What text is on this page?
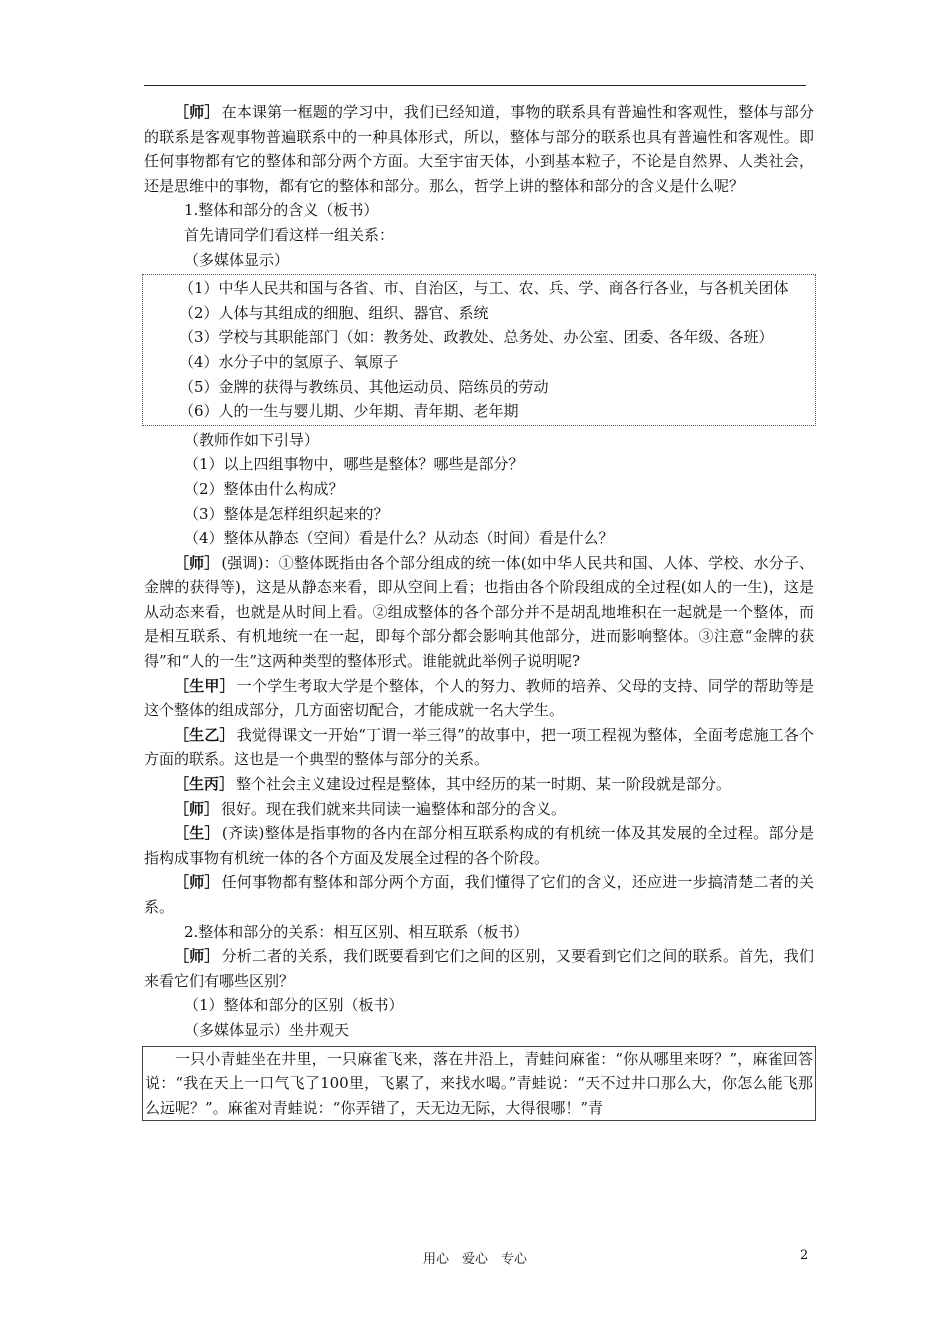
［师］ 在本课第一框题的学习中，我们已经知道，事物的联系具有普遍性和客观性，整体与部分的联系是客观事物普遍联系中的一种具体形式，所以，整体与部分的联系也具有普遍性和客观性。即任何事物都有它的整体和部分两个方面。大至宇宙天体，小到基本粒子，不论是自然界、人类社会，还是思维中的事物，都有它的整体和部分。那么，哲学上讲的整体和部分的含义是什么呢？

1.整体和部分的含义（板书）

首先请同学们看这样一组关系：

（多媒体显示）

（1）中华人民共和国与各省、市、自治区，与工、农、兵、学、商各行各业，与各机关团体

（2）人体与其组成的细胞、组织、器官、系统

（3）学校与其职能部门（如：教务处、政教处、总务处、办公室、团委、各年级、各班）

（4）水分子中的氢原子、氧原子

（5）金牌的获得与教练员、其他运动员、陪练员的劳动

（6）人的一生与婴儿期、少年期、青年期、老年期

（教师作如下引导）

（1）以上四组事物中，哪些是整体？哪些是部分？

（2）整体由什么构成？

（3）整体是怎样组织起来的？

（4）整体从静态（空间）看是什么？从动态（时间）看是什么？

［师］ (强调)：①整体既指由各个部分组成的统一体(如中华人民共和国、人体、学校、水分子、金牌的获得等)，这是从静态来看，即从空间上看；也指由各个阶段组成的全过程(如人的一生)，这是从动态来看，也就是从时间上看。②组成整体的各个部分并不是胡乱地堆积在一起就是一个整体，而是相互联系、有机地统一在一起，即每个部分都会影响其他部分，进而影响整体。③注意“金牌的获得”和“人的一生”这两种类型的整体形式。谁能就此举例子说明呢?

［生甲］ 一个学生考取大学是个整体，个人的努力、教师的培养、父母的支持、同学的帮助等是这个整体的组成部分，几方面密切配合，才能成就一名大学生。

［生乙］ 我觉得课文一开始“丁谓一举三得”的故事中，把一项工程视为整体，全面考虑施工各个方面的联系。这也是一个典型的整体与部分的关系。

［生丙］ 整个社会主义建设过程是整体，其中经历的某一时期、某一阶段就是部分。

［师］ 很好。现在我们就来共同读一遍整体和部分的含义。

［生］ (齐读)整体是指事物的各内在部分相互联系构成的有机统一体及其发展的全过程。部分是指构成事物有机统一体的各个方面及发展全过程的各个阶段。

［师］ 任何事物都有整体和部分两个方面，我们懂得了它们的含义，还应进一步搞清楚二者的关系。

2.整体和部分的关系：相互区别、相互联系（板书）

［师］ 分析二者的关系，我们既要看到它们之间的区别，又要看到它们之间的联系。首先，我们来看它们有哪些区别？

（1）整体和部分的区别（板书）

（多媒体显示）坐井观天

一只小青蛙坐在井里，一只麻雀飞来，落在井沿上，青蛙问麻雀：“你从哪里来呀？”，麻雀回答说：“我在天上一口气飞了100里，飞累了，来找水喝。”青蛙说：“天不过井口那么大，你怎么能飞那么远呢？”。麻雀对青蛙说：“你弄错了，天无边无际，大得很哪！”青

用心　爱心　专心	2
